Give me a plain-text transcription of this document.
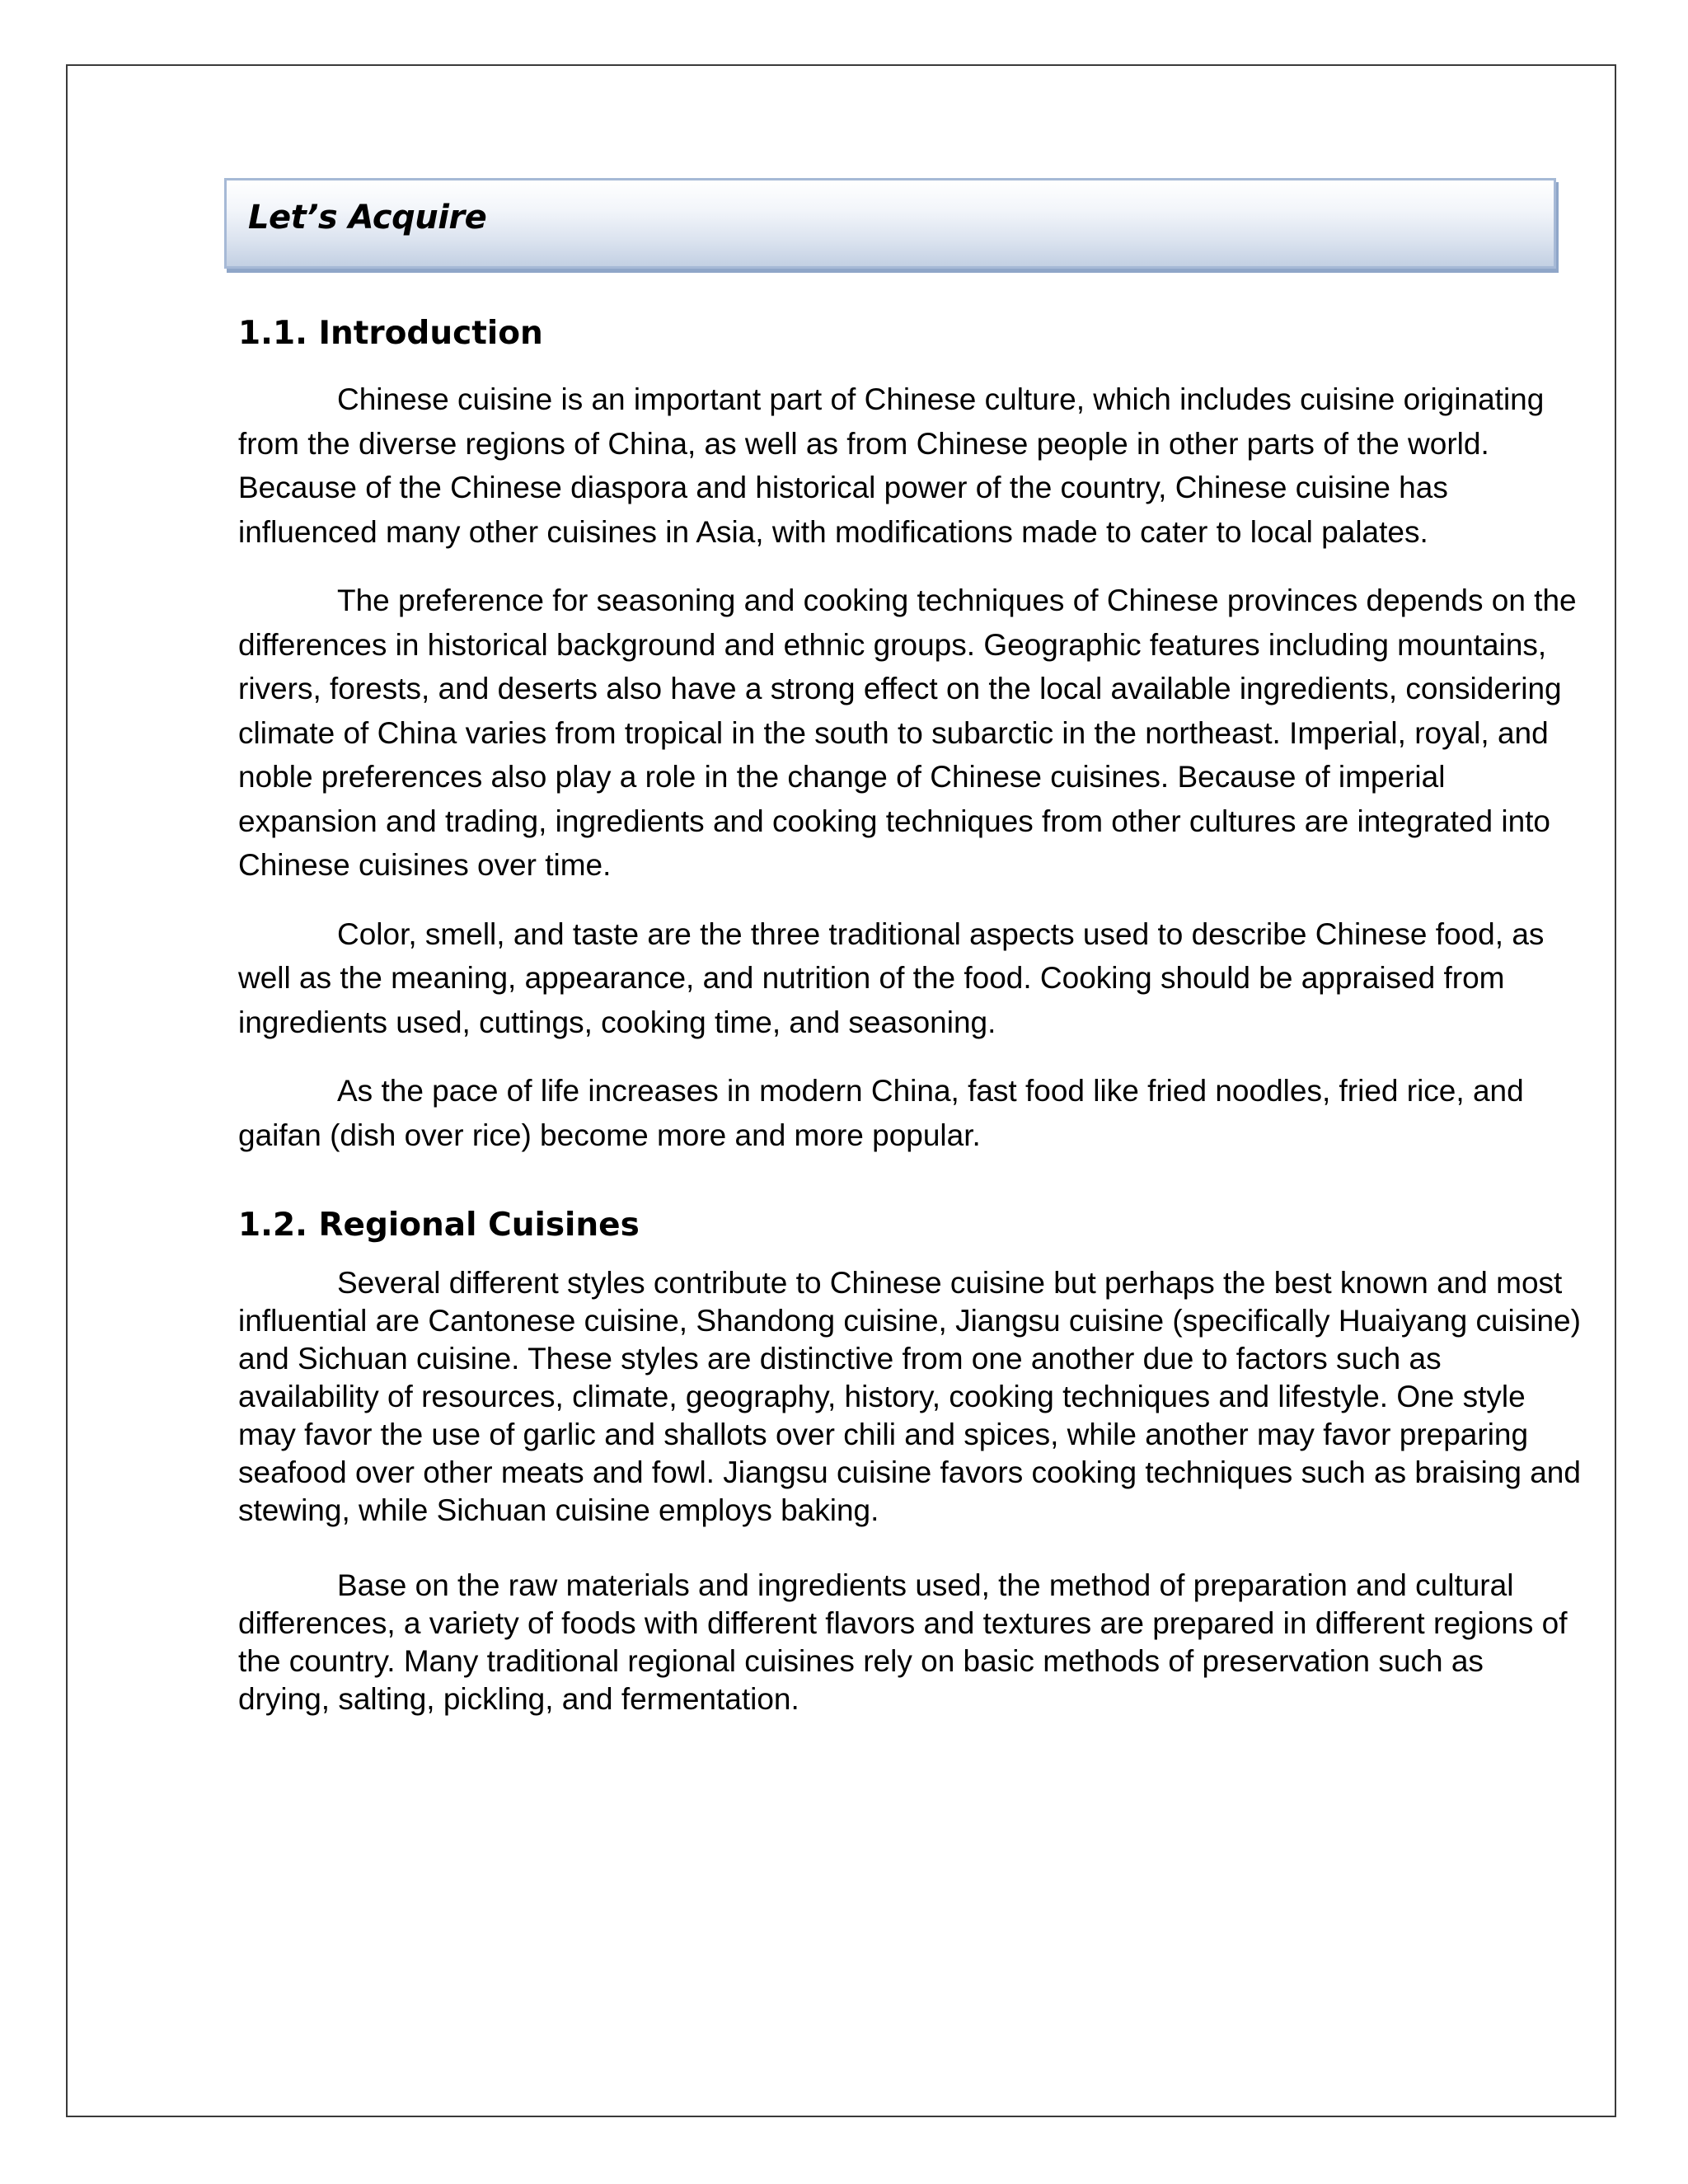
Let’s Acquire
1.1. Introduction

Chinese cuisine is an important part of Chinese culture, which includes cuisine originating from the diverse regions of China, as well as from Chinese people in other parts of the world. Because of the Chinese diaspora and historical power of the country, Chinese cuisine has influenced many other cuisines in Asia, with modifications made to cater to local palates.

The preference for seasoning and cooking techniques of Chinese provinces depends on the differences in historical background and ethnic groups. Geographic features including mountains, rivers, forests, and deserts also have a strong effect on the local available ingredients, considering climate of China varies from tropical in the south to subarctic in the northeast. Imperial, royal, and noble preferences also play a role in the change of Chinese cuisines. Because of imperial expansion and trading, ingredients and cooking techniques from other cultures are integrated into Chinese cuisines over time.

Color, smell, and taste are the three traditional aspects used to describe Chinese food, as well as the meaning, appearance, and nutrition of the food. Cooking should be appraised from ingredients used, cuttings, cooking time, and seasoning.

As the pace of life increases in modern China, fast food like fried noodles, fried rice, and gaifan (dish over rice) become more and more popular.

1.2. Regional Cuisines

Several different styles contribute to Chinese cuisine but perhaps the best known and most influential are Cantonese cuisine, Shandong cuisine, Jiangsu cuisine (specifically Huaiyang cuisine) and Sichuan cuisine. These styles are distinctive from one another due to factors such as availability of resources, climate, geography, history, cooking techniques and lifestyle. One style may favor the use of garlic and shallots over chili and spices, while another may favor preparing seafood over other meats and fowl. Jiangsu cuisine favors cooking techniques such as braising and stewing, while Sichuan cuisine employs baking.

Base on the raw materials and ingredients used, the method of preparation and cultural differences, a variety of foods with different flavors and textures are prepared in different regions of the country. Many traditional regional cuisines rely on basic methods of preservation such as drying, salting, pickling, and fermentation.
